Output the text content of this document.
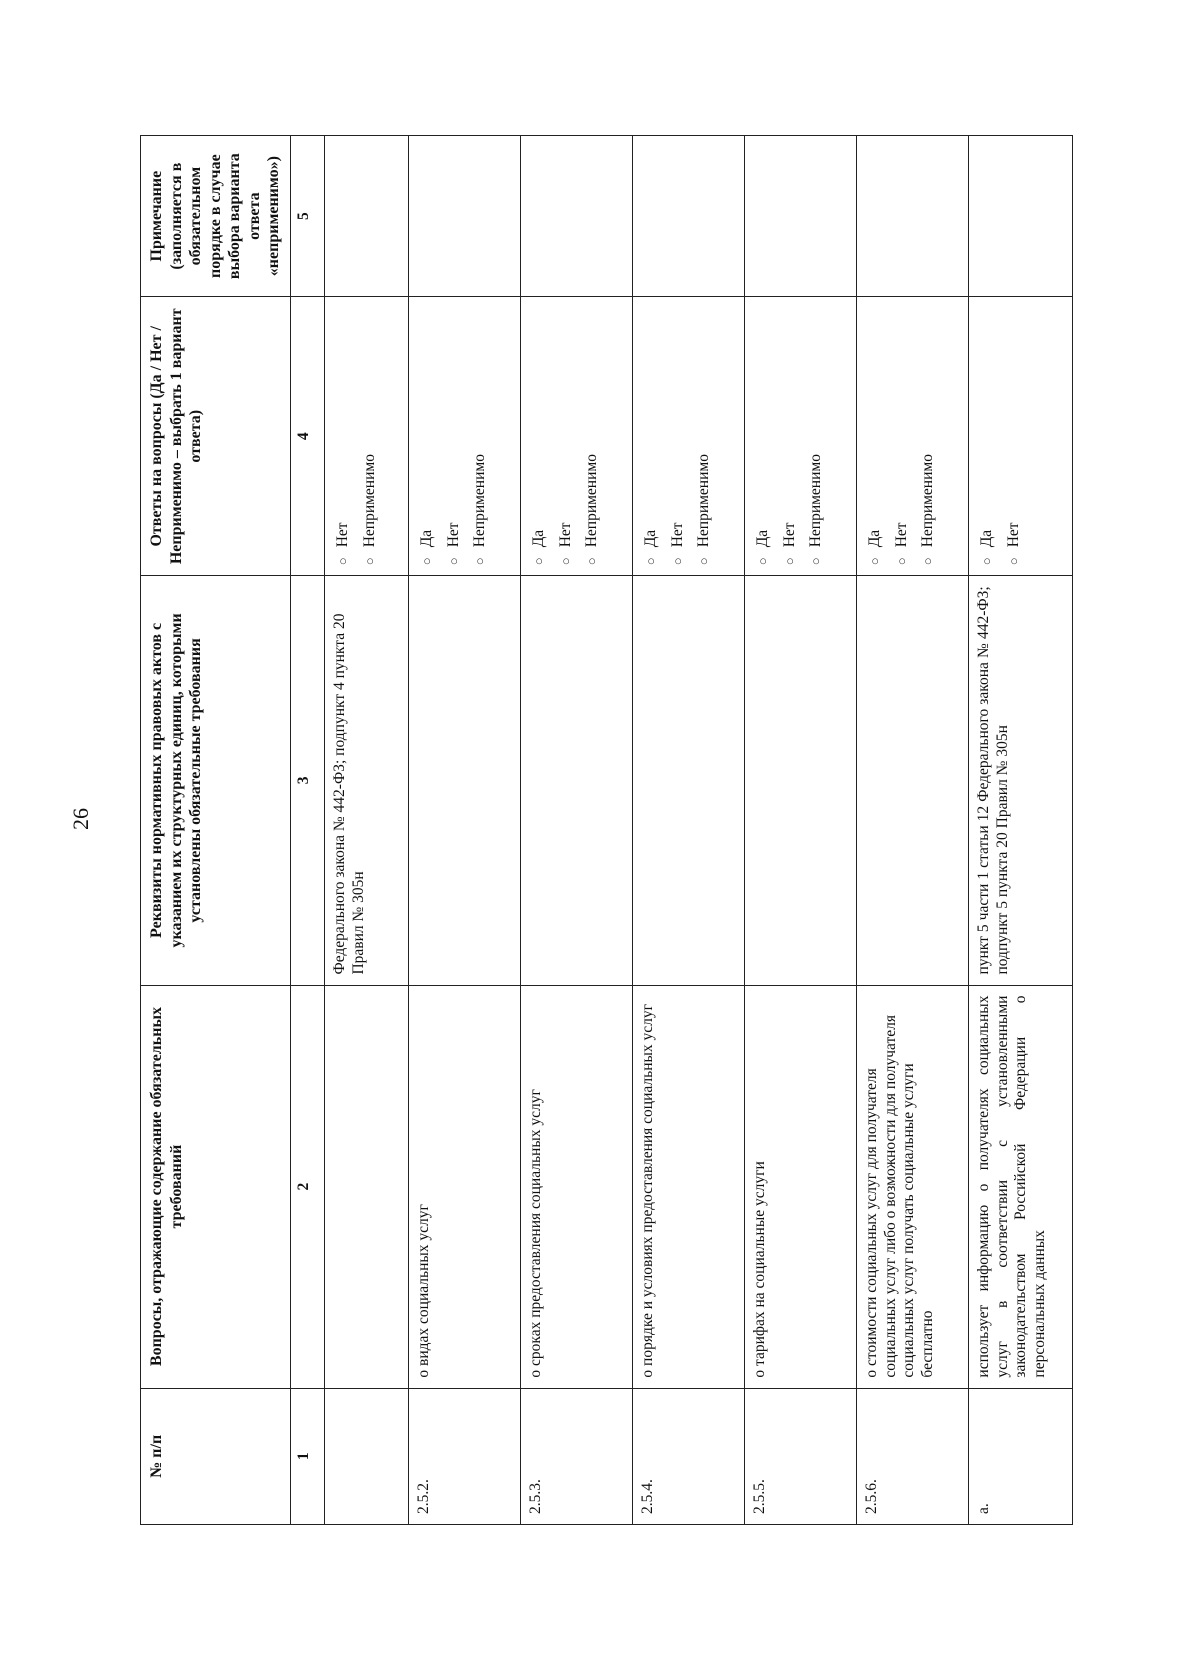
26
№ п/п	Вопросы, отражающие содержание обязательных требований	Реквизиты нормативных правовых актов с указанием их структурных единиц, которыми установлены обязательные требования	Ответы на вопросы (Да / Нет / Неприменимо – выбрать 1 вариант ответа)	Примечание (заполняется в обязательном порядке в случае выбора варианта ответа «неприменимо»)
1	2	3	4	5
		Федерального закона № 442-ФЗ; подпункт 4 пункта 20 Правил № 305н	○Нет
○Неприменимо	

2.5.2.	о видах социальных услуг		○Да
○Нет
○Неприменимо	

2.5.3.	о сроках предоставления социальных услуг		○Да
○Нет
○Неприменимо	

2.5.4.	о порядке и условиях предоставления социальных услуг		○Да
○Нет
○Неприменимо	

2.5.5.	о тарифах на социальные услуги		○Да
○Нет
○Неприменимо	

2.5.6.	о стоимости социальных услуг для получателя социальных услуг либо о возможности для получателя социальных услуг получать социальные услуги бесплатно		○Да
○Нет
○Неприменимо	

а.	использует информацию о получателях социальных услуг в соответствии с установленными законодательством Российской Федерации о персональных данных	пункт 5 части 1 статьи 12 Федерального закона № 442-ФЗ; подпункт 5 пункта 20 Правил № 305н	○Да
○Нет	
